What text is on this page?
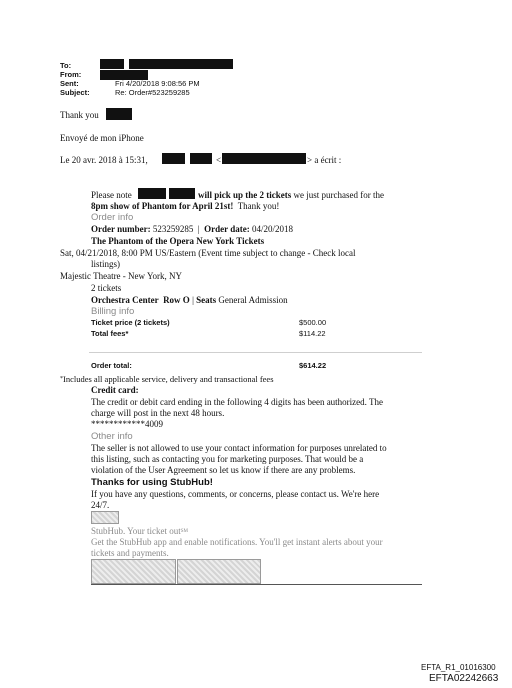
To:
From:
Sent:	Fri 4/20/2018 9:08:56 PM
Subject:	Re: Order#523259285
Thank you
Envoyé de mon iPhone
Le 20 avr. 2018 à 15:31,	<	> a écrit :
Please note	will pick up the 2 tickets we just purchased for the
8pm show of Phantom for April 21st! Thank you!
Order info
Order number: 523259285  |  Order date: 04/20/2018
The Phantom of the Opera New York Tickets
Sat, 04/21/2018, 8:00 PM US/Eastern (Event time subject to change - Check local
listings)
Majestic Theatre - New York, NY
2 tickets
Orchestra Center Row O | Seats General Admission
Billing info
Ticket price (2 tickets)	$500.00
Total fees*	$114.22
Order total:	$614.22
*Includes all applicable service, delivery and transactional fees
Credit card:
The credit or debit card ending in the following 4 digits has been authorized. The
charge will post in the next 48 hours.
************4009
Other info
The seller is not allowed to use your contact information for purposes unrelated to
this listing, such as contacting you for marketing purposes. That would be a
violation of the User Agreement so let us know if there are any problems.
Thanks for using StubHub!
If you have any questions, comments, or concerns, please contact us. We're here
24/7.
StubHub. Your ticket out℠
Get the StubHub app and enable notifications. You'll get instant alerts about your
tickets and payments.
EFTA_R1_01016300
EFTA02242663
